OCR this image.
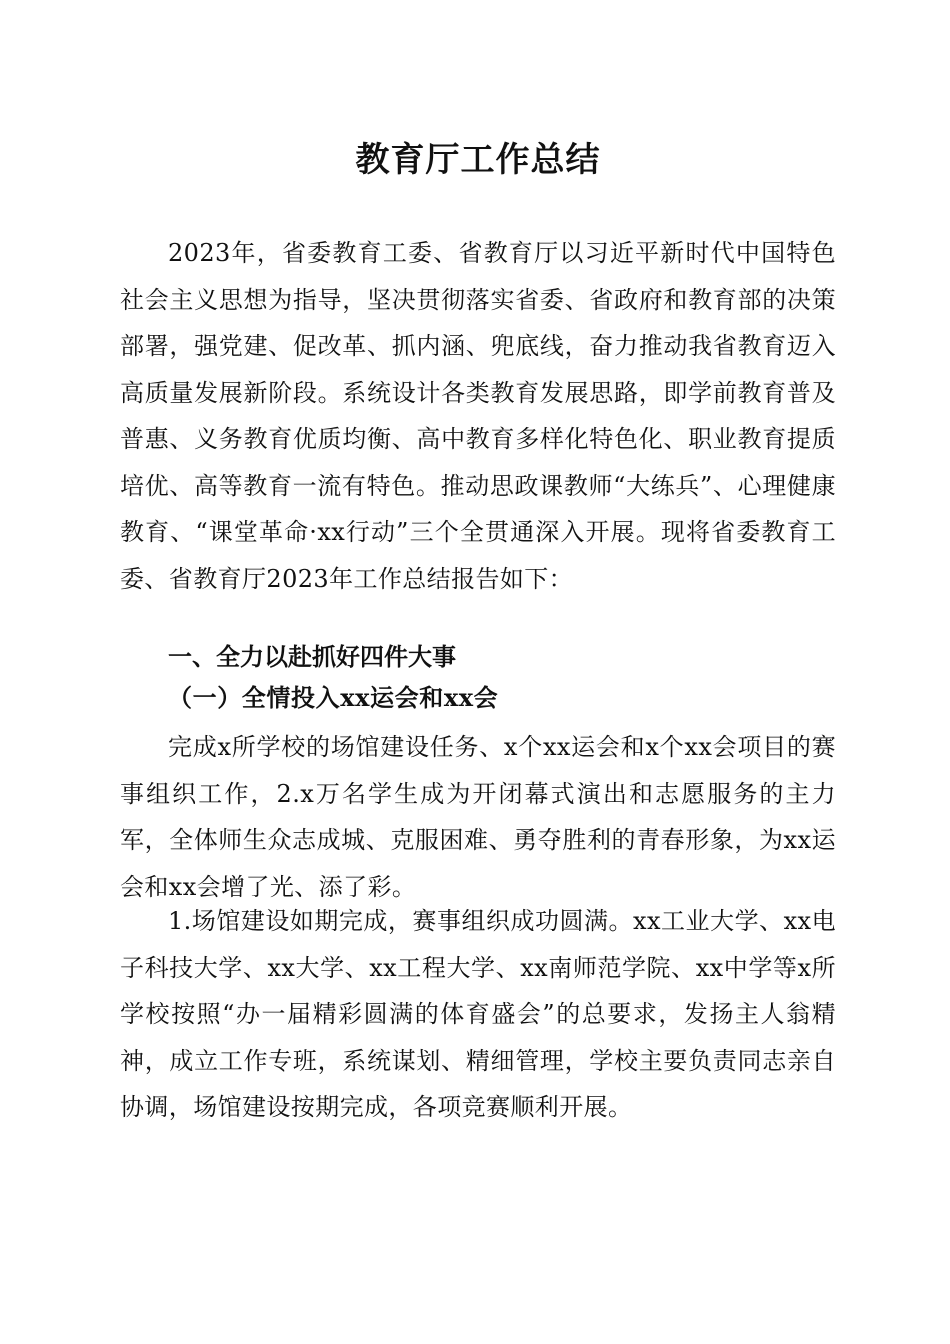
教育厅工作总结

2023年，省委教育工委、省教育厅以习近平新时代中国特色社会主义思想为指导，坚决贯彻落实省委、省政府和教育部的决策部署，强党建、促改革、抓内涵、兜底线，奋力推动我省教育迈入高质量发展新阶段。系统设计各类教育发展思路，即学前教育普及普惠、义务教育优质均衡、高中教育多样化特色化、职业教育提质培优、高等教育一流有特色。推动思政课教师“大练兵”、心理健康教育、“课堂革命·xx行动”三个全贯通深入开展。现将省委教育工委、省教育厅2023年工作总结报告如下：

一、全力以赴抓好四件大事
（一）全情投入xx运会和xx会

完成x所学校的场馆建设任务、x个xx运会和x个xx会项目的赛事组织工作，2.x万名学生成为开闭幕式演出和志愿服务的主力军，全体师生众志成城、克服困难、勇夺胜利的青春形象，为xx运会和xx会增了光、添了彩。

1.场馆建设如期完成，赛事组织成功圆满。xx工业大学、xx电子科技大学、xx大学、xx工程大学、xx南师范学院、xx中学等x所学校按照“办一届精彩圆满的体育盛会”的总要求，发扬主人翁精神，成立工作专班，系统谋划、精细管理，学校主要负责同志亲自协调，场馆建设按期完成，各项竞赛顺利开展。
